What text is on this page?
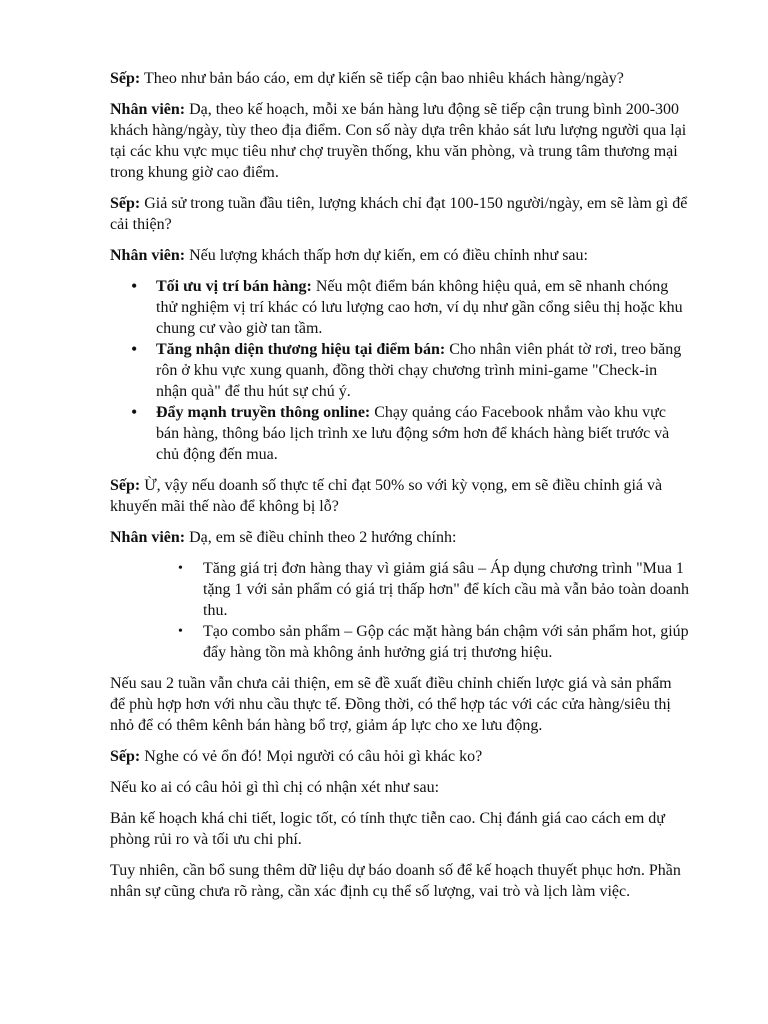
Sếp: Theo như bản báo cáo, em dự kiến sẽ tiếp cận bao nhiêu khách hàng/ngày?

Nhân viên: Dạ, theo kế hoạch, mỗi xe bán hàng lưu động sẽ tiếp cận trung bình 200-300 khách hàng/ngày, tùy theo địa điểm. Con số này dựa trên khảo sát lưu lượng người qua lại tại các khu vực mục tiêu như chợ truyền thống, khu văn phòng, và trung tâm thương mại trong khung giờ cao điểm.

Sếp: Giả sử trong tuần đầu tiên, lượng khách chỉ đạt 100-150 người/ngày, em sẽ làm gì để cải thiện?

Nhân viên: Nếu lượng khách thấp hơn dự kiến, em có điều chỉnh như sau:

• Tối ưu vị trí bán hàng: Nếu một điểm bán không hiệu quả, em sẽ nhanh chóng thử nghiệm vị trí khác có lưu lượng cao hơn, ví dụ như gần cổng siêu thị hoặc khu chung cư vào giờ tan tầm.
• Tăng nhận diện thương hiệu tại điểm bán: Cho nhân viên phát tờ rơi, treo băng rôn ở khu vực xung quanh, đồng thời chạy chương trình mini-game "Check-in nhận quà" để thu hút sự chú ý.
• Đẩy mạnh truyền thông online: Chạy quảng cáo Facebook nhắm vào khu vực bán hàng, thông báo lịch trình xe lưu động sớm hơn để khách hàng biết trước và chủ động đến mua.

Sếp: Ừ, vậy nếu doanh số thực tế chỉ đạt 50% so với kỳ vọng, em sẽ điều chỉnh giá và khuyến mãi thế nào để không bị lỗ?

Nhân viên: Dạ, em sẽ điều chỉnh theo 2 hướng chính:

• Tăng giá trị đơn hàng thay vì giảm giá sâu – Áp dụng chương trình "Mua 1 tặng 1 với sản phẩm có giá trị thấp hơn" để kích cầu mà vẫn bảo toàn doanh thu.
• Tạo combo sản phẩm – Gộp các mặt hàng bán chậm với sản phẩm hot, giúp đẩy hàng tồn mà không ảnh hưởng giá trị thương hiệu.

Nếu sau 2 tuần vẫn chưa cải thiện, em sẽ đề xuất điều chỉnh chiến lược giá và sản phẩm để phù hợp hơn với nhu cầu thực tế. Đồng thời, có thể hợp tác với các cửa hàng/siêu thị nhỏ để có thêm kênh bán hàng bổ trợ, giảm áp lực cho xe lưu động.

Sếp: Nghe có vẻ ổn đó! Mọi người có câu hỏi gì khác ko?

Nếu ko ai có câu hỏi gì thì chị có nhận xét như sau:

Bản kế hoạch khá chi tiết, logic tốt, có tính thực tiễn cao. Chị đánh giá cao cách em dự phòng rủi ro và tối ưu chi phí.

Tuy nhiên, cần bổ sung thêm dữ liệu dự báo doanh số để kế hoạch thuyết phục hơn. Phần nhân sự cũng chưa rõ ràng, cần xác định cụ thể số lượng, vai trò và lịch làm việc.
